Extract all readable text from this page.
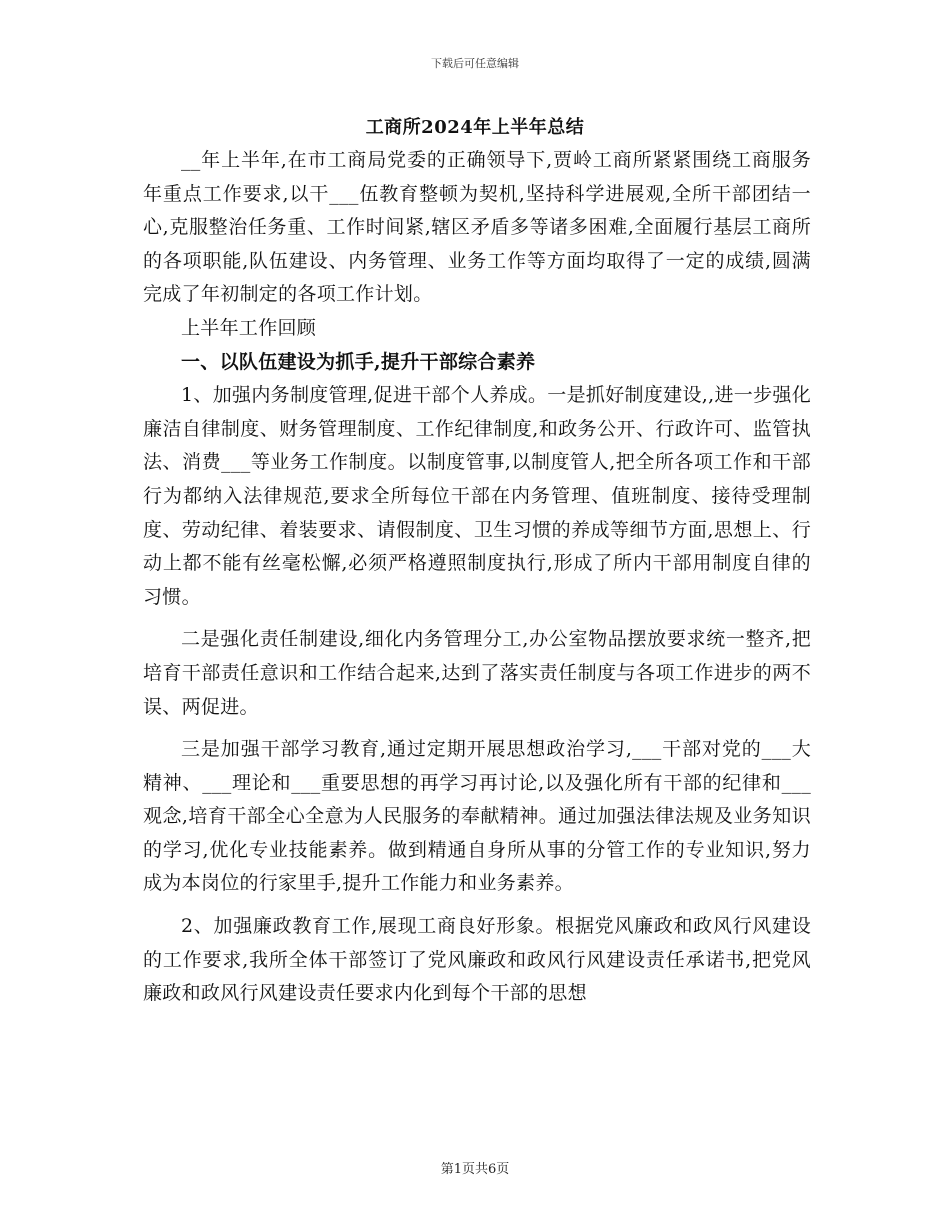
下载后可任意编辑

工商所2024年上半年总结

__年上半年,在市工商局党委的正确领导下,贾岭工商所紧紧围绕工商服务年重点工作要求,以干___伍教育整顿为契机,坚持科学进展观,全所干部团结一心,克服整治任务重、工作时间紧,辖区矛盾多等诸多困难,全面履行基层工商所的各项职能,队伍建设、内务管理、业务工作等方面均取得了一定的成绩,圆满完成了年初制定的各项工作计划。

上半年工作回顾

一、以队伍建设为抓手,提升干部综合素养

1、加强内务制度管理,促进干部个人养成。一是抓好制度建设,,进一步强化廉洁自律制度、财务管理制度、工作纪律制度,和政务公开、行政许可、监管执法、消费___等业务工作制度。以制度管事,以制度管人,把全所各项工作和干部行为都纳入法律规范,要求全所每位干部在内务管理、值班制度、接待受理制度、劳动纪律、着装要求、请假制度、卫生习惯的养成等细节方面,思想上、行动上都不能有丝毫松懈,必须严格遵照制度执行,形成了所内干部用制度自律的习惯。

二是强化责任制建设,细化内务管理分工,办公室物品摆放要求统一整齐,把培育干部责任意识和工作结合起来,达到了落实责任制度与各项工作进步的两不误、两促进。

三是加强干部学习教育,通过定期开展思想政治学习,___干部对党的___大精神、___理论和___重要思想的再学习再讨论,以及强化所有干部的纪律和___观念,培育干部全心全意为人民服务的奉献精神。通过加强法律法规及业务知识的学习,优化专业技能素养。做到精通自身所从事的分管工作的专业知识,努力成为本岗位的行家里手,提升工作能力和业务素养。

2、加强廉政教育工作,展现工商良好形象。根据党风廉政和政风行风建设的工作要求,我所全体干部签订了党风廉政和政风行风建设责任承诺书,把党风廉政和政风行风建设责任要求内化到每个干部的思想

第1页共6页
